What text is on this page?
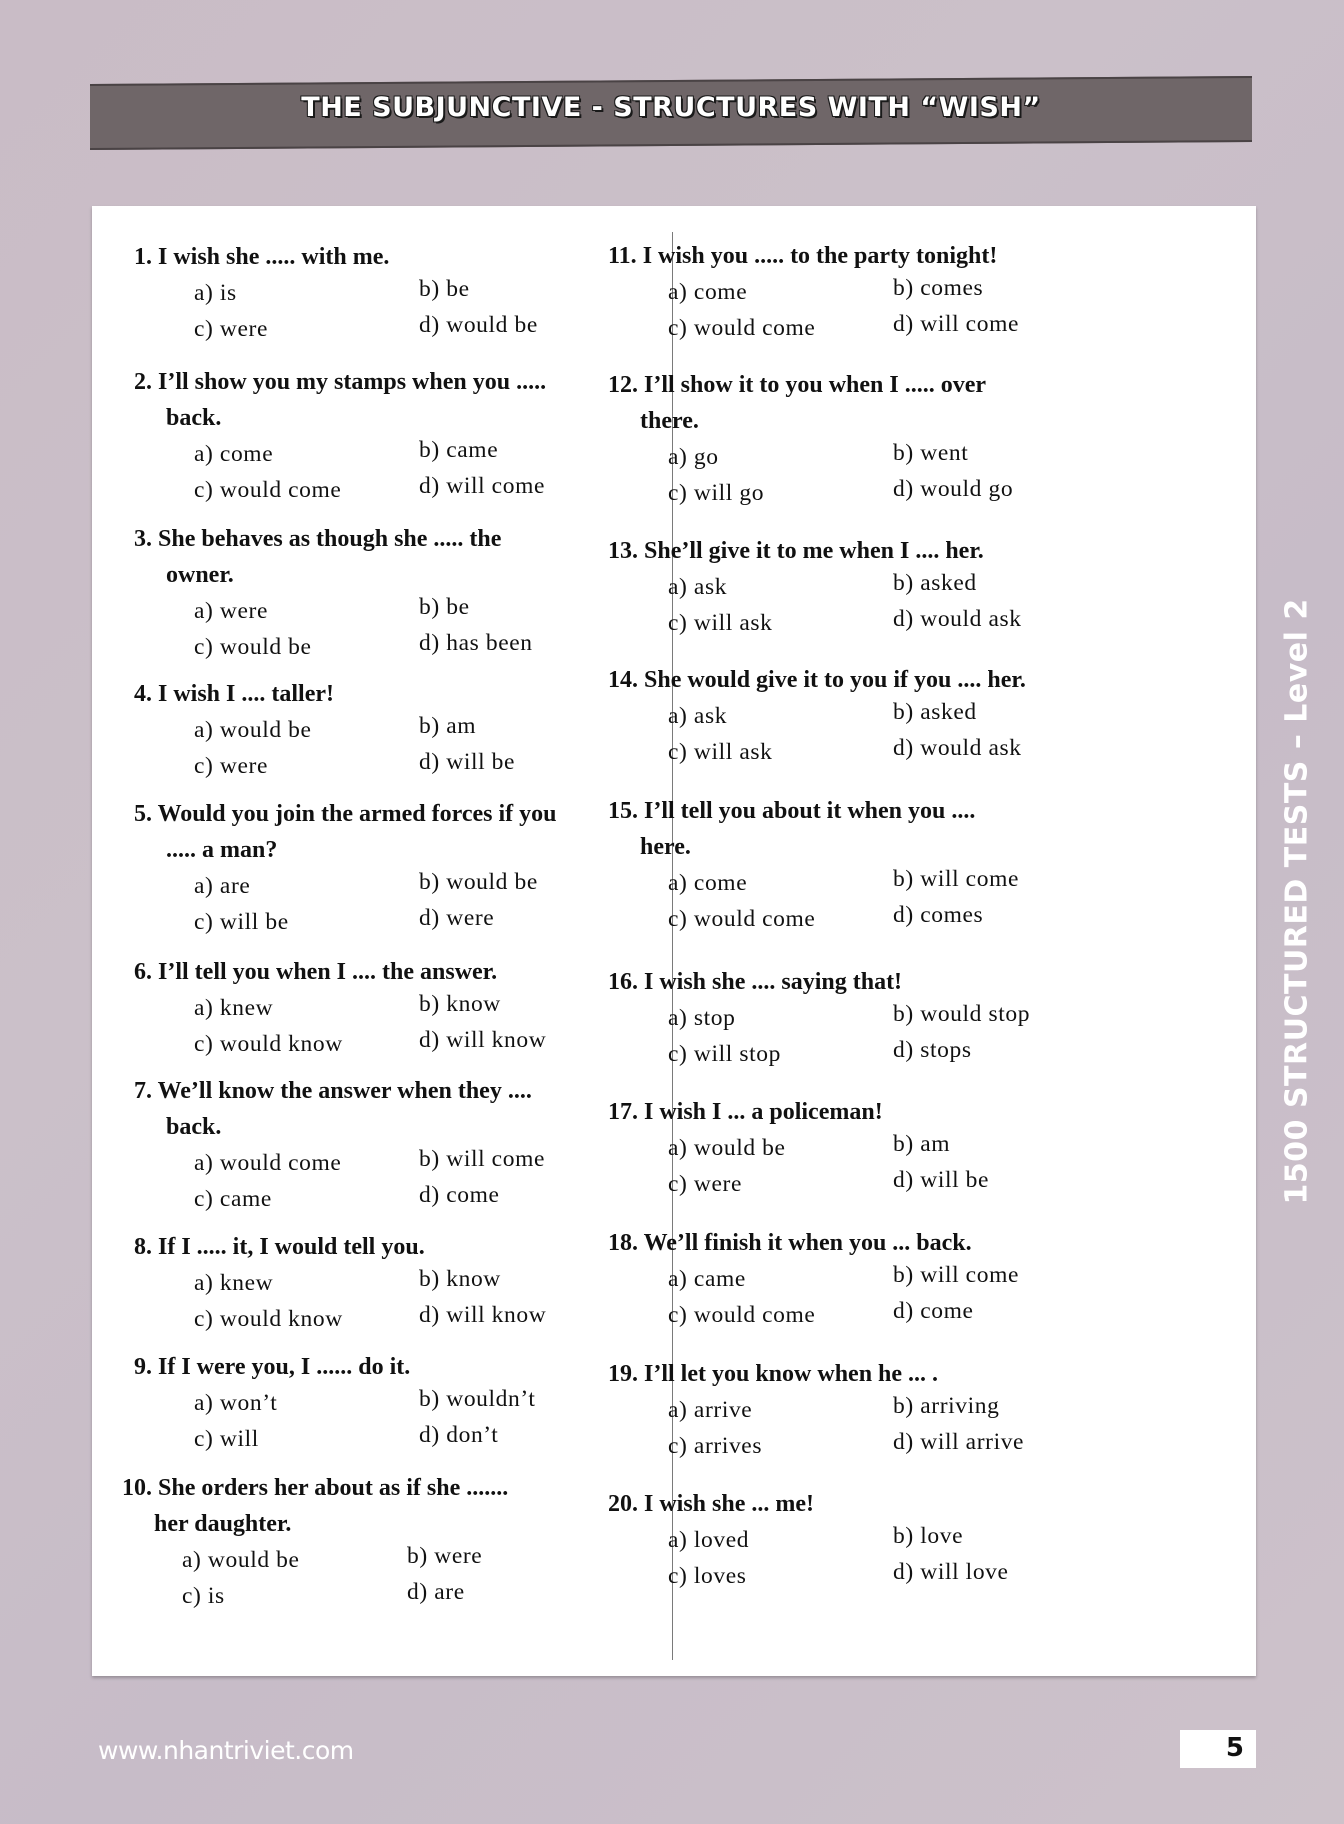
THE SUBJUNCTIVE - STRUCTURES WITH “WISH”
1. I wish she ..... with me.
a) is	b) be
c) were	d) would be
2. I’ll show you my stamps when you .....
back.
a) come	b) came
c) would come	d) will come
3. She behaves as though she ..... the
owner.
a) were	b) be
c) would be	d) has been
4. I wish I .... taller!
a) would be	b) am
c) were	d) will be
5. Would you join the armed forces if you
..... a man?
a) are	b) would be
c) will be	d) were
6. I’ll tell you when I .... the answer.
a) knew	b) know
c) would know	d) will know
7. We’ll know the answer when they ....
back.
a) would come	b) will come
c) came	d) come
8. If I ..... it, I would tell you.
a) knew	b) know
c) would know	d) will know
9. If I were you, I ...... do it.
a) won’t	b) wouldn’t
c) will	d) don’t
10. She orders her about as if she .......
her daughter.
a) would be	b) were
c) is	d) are
11. I wish you ..... to the party tonight!
a) come	b) comes
c) would come	d) will come
12. I’ll show it to you when I ..... over
there.
a) go	b) went
c) will go	d) would go
13. She’ll give it to me when I .... her.
a) ask	b) asked
c) will ask	d) would ask
14. She would give it to you if you .... her.
a) ask	b) asked
c) will ask	d) would ask
15. I’ll tell you about it when you ....
here.
a) come	b) will come
c) would come	d) comes
16. I wish she .... saying that!
a) stop	b) would stop
c) will stop	d) stops
17. I wish I ... a policeman!
a) would be	b) am
c) were	d) will be
18. We’ll finish it when you ... back.
a) came	b) will come
c) would come	d) come
19. I’ll let you know when he ... .
a) arrive	b) arriving
c) arrives	d) will arrive
20. I wish she ... me!
a) loved	b) love
c) loves	d) will love
1500 STRUCTURED TESTS – Level 2
www.nhantriviet.com	5
